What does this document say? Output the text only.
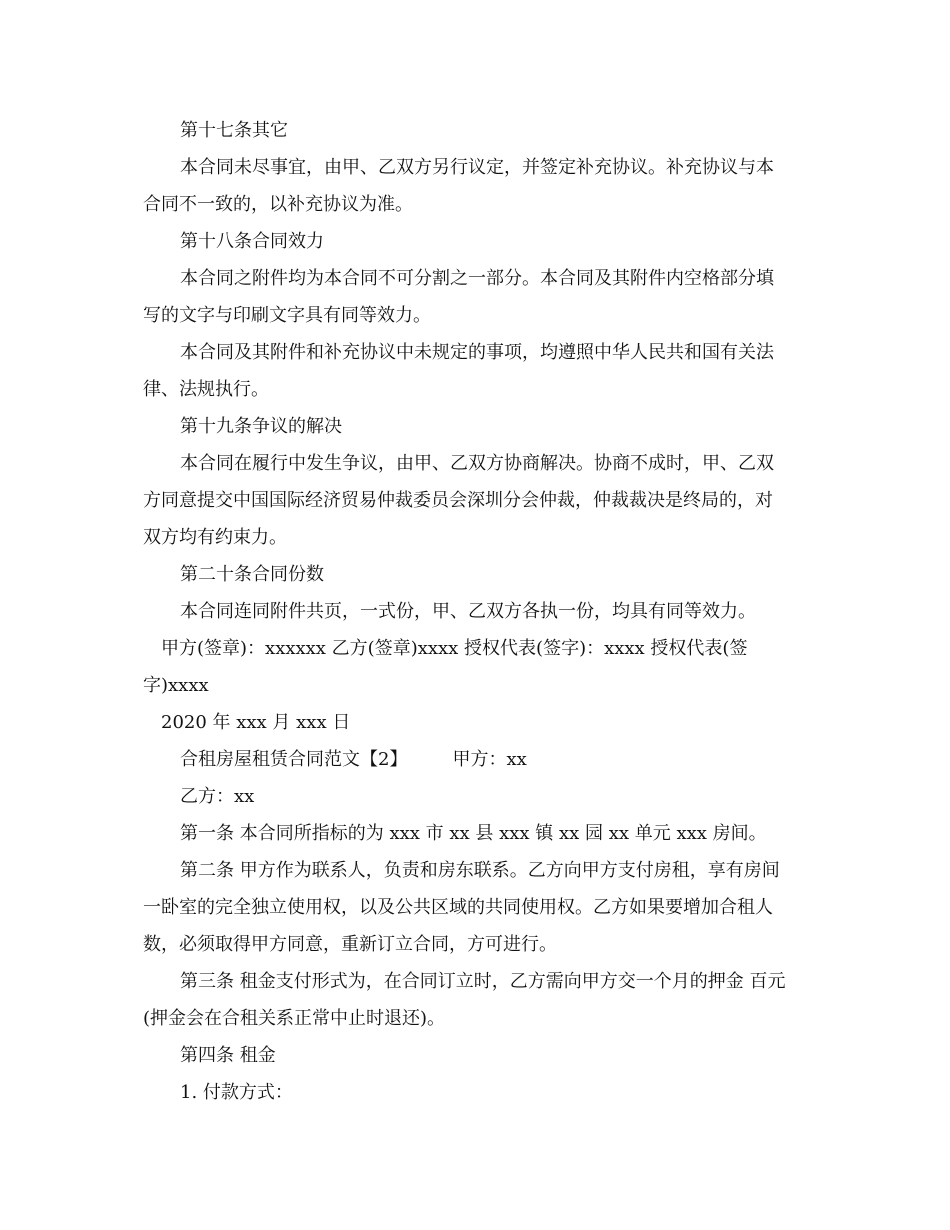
第十七条其它

本合同未尽事宜，由甲、乙双方另行议定，并签定补充协议。补充协议与本

合同不一致的，以补充协议为准。

第十八条合同效力

本合同之附件均为本合同不可分割之一部分。本合同及其附件内空格部分填

写的文字与印刷文字具有同等效力。

本合同及其附件和补充协议中未规定的事项，均遵照中华人民共和国有关法

律、法规执行。

第十九条争议的解决

本合同在履行中发生争议，由甲、乙双方协商解决。协商不成时，甲、乙双

方同意提交中国国际经济贸易仲裁委员会深圳分会仲裁，仲裁裁决是终局的，对

双方均有约束力。

第二十条合同份数

本合同连同附件共页，一式份，甲、乙双方各执一份，均具有同等效力。

甲方(签章)：xxxxxx 乙方(签章)xxxx 授权代表(签字)：xxxx 授权代表(签

字)xxxx

2020 年 xxx 月 xxx 日

合租房屋租赁合同范文【2】　　　甲方：xx

乙方：xx

第一条 本合同所指标的为 xxx 市 xx 县 xxx 镇 xx 园 xx 单元 xxx 房间。

第二条 甲方作为联系人，负责和房东联系。乙方向甲方支付房租，享有房间

一卧室的完全独立使用权，以及公共区域的共同使用权。乙方如果要增加合租人

数，必须取得甲方同意，重新订立合同，方可进行。

第三条 租金支付形式为，在合同订立时，乙方需向甲方交一个月的押金 百元

(押金会在合租关系正常中止时退还)。

第四条 租金

1. 付款方式：
